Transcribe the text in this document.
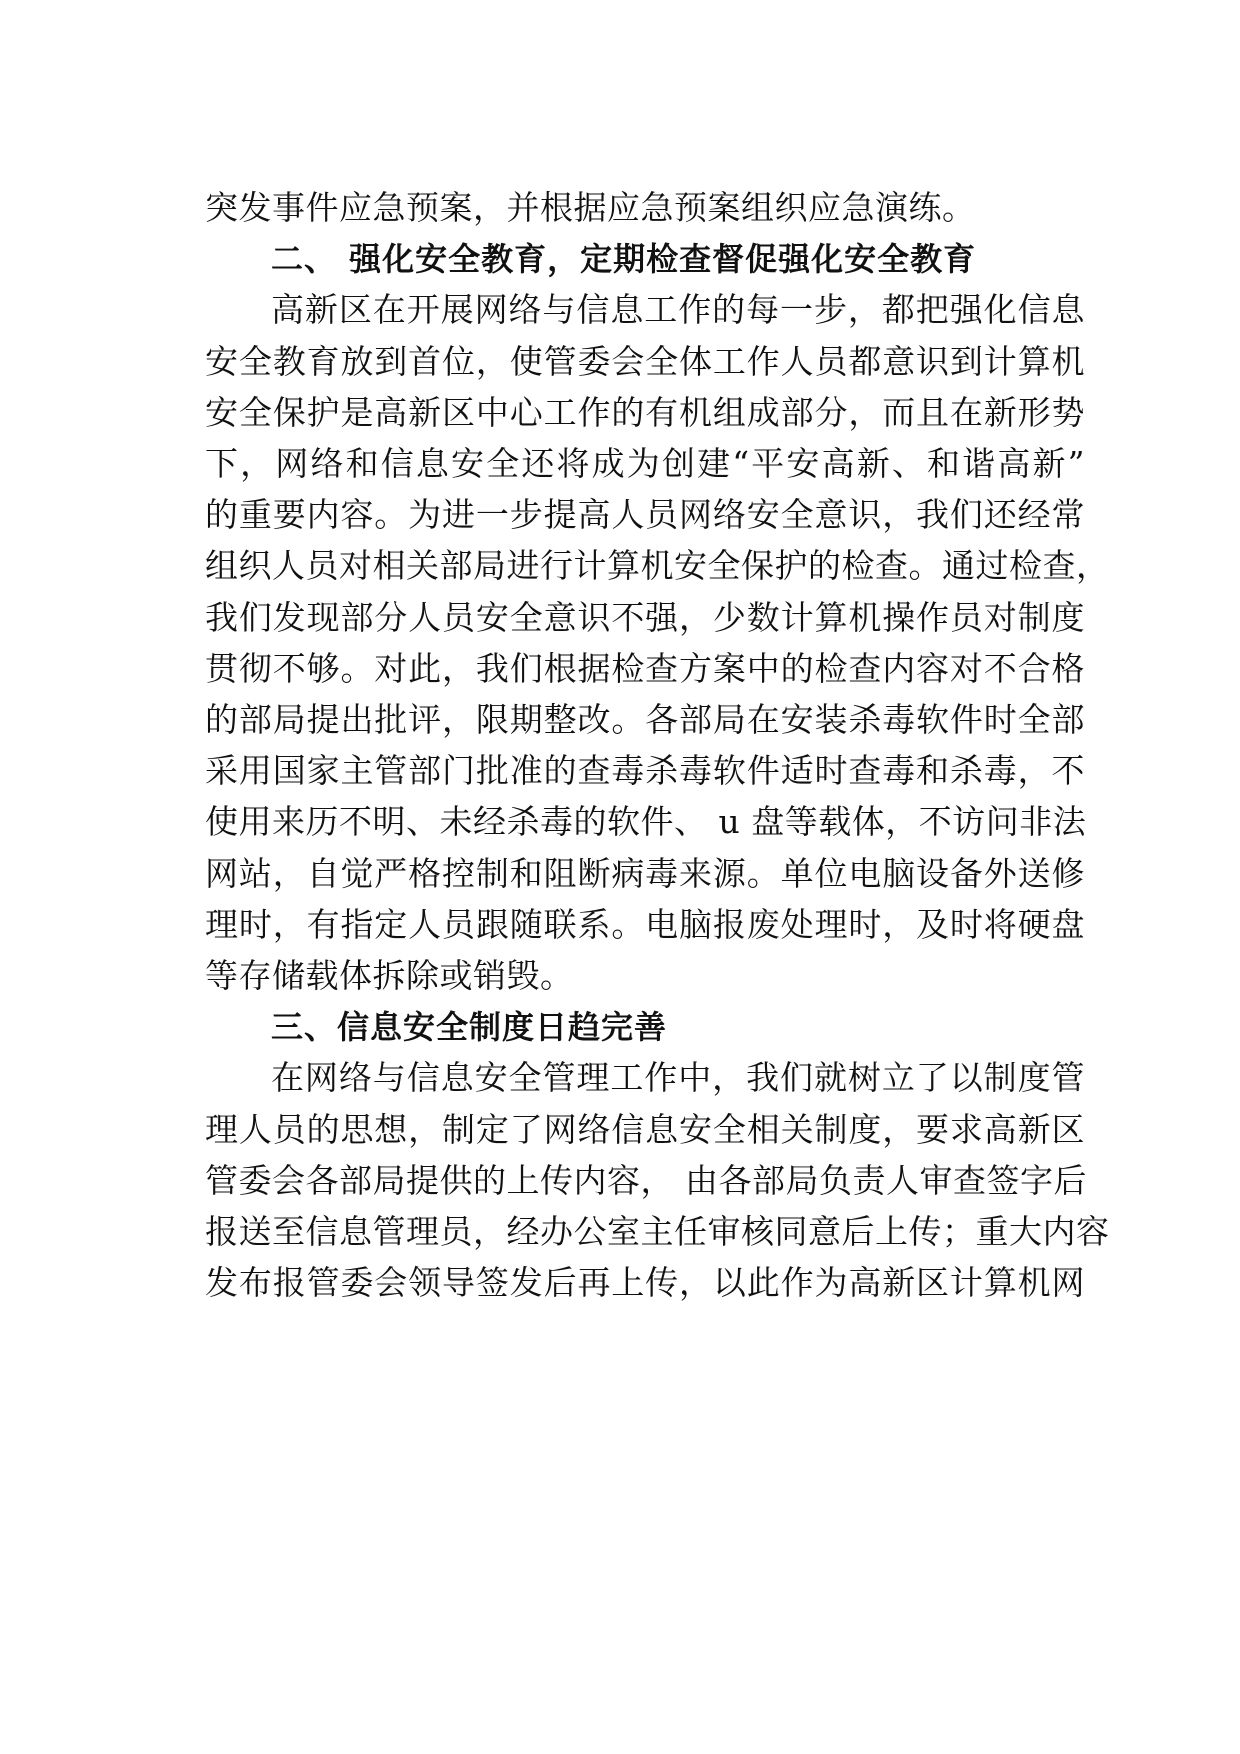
突发事件应急预案，并根据应急预案组织应急演练。
二、 强化安全教育，定期检查督促强化安全教育
高新区在开展网络与信息工作的每一步，都把强化信息
安全教育放到首位，使管委会全体工作人员都意识到计算机
安全保护是高新区中心工作的有机组成部分，而且在新形势
下，网络和信息安全还将成为创建“平安高新、和谐高新”
的重要内容。为进一步提高人员网络安全意识，我们还经常
组织人员对相关部局进行计算机安全保护的检查。通过检查，
我们发现部分人员安全意识不强，少数计算机操作员对制度
贯彻不够。对此，我们根据检查方案中的检查内容对不合格
的部局提出批评，限期整改。各部局在安装杀毒软件时全部
采用国家主管部门批准的查毒杀毒软件适时查毒和杀毒，不
使用来历不明、未经杀毒的软件、 u 盘等载体，不访问非法
网站，自觉严格控制和阻断病毒来源。单位电脑设备外送修
理时，有指定人员跟随联系。电脑报废处理时，及时将硬盘
等存储载体拆除或销毁。
三、信息安全制度日趋完善
在网络与信息安全管理工作中，我们就树立了以制度管
理人员的思想，制定了网络信息安全相关制度，要求高新区
管委会各部局提供的上传内容， 由各部局负责人审查签字后
报送至信息管理员，经办公室主任审核同意后上传；重大内容
发布报管委会领导签发后再上传，以此作为高新区计算机网
